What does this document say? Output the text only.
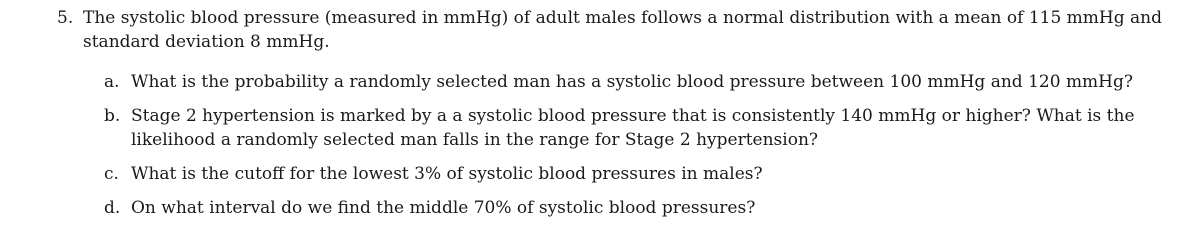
5. The systolic blood pressure (measured in mmHg) of adult males follows a normal distribution with a mean of 115 mmHg and standard deviation 8 mmHg.
a. What is the probability a randomly selected man has a systolic blood pressure between 100 mmHg and 120 mmHg?
b. Stage 2 hypertension is marked by a a systolic blood pressure that is consistently 140 mmHg or higher? What is the likelihood a randomly selected man falls in the range for Stage 2 hypertension?
c. What is the cutoff for the lowest 3% of systolic blood pressures in males?
d. On what interval do we find the middle 70% of systolic blood pressures?
